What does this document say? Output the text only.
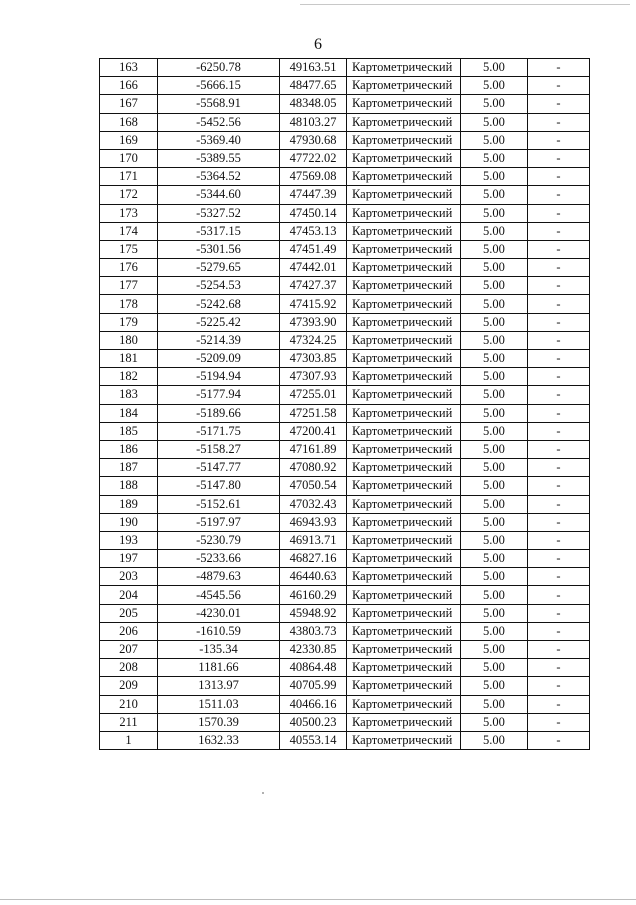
6
163	-6250.78	49163.51	Картометрический	5.00	-
166	-5666.15	48477.65	Картометрический	5.00	-
167	-5568.91	48348.05	Картометрический	5.00	-
168	-5452.56	48103.27	Картометрический	5.00	-
169	-5369.40	47930.68	Картометрический	5.00	-
170	-5389.55	47722.02	Картометрический	5.00	-
171	-5364.52	47569.08	Картометрический	5.00	-
172	-5344.60	47447.39	Картометрический	5.00	-
173	-5327.52	47450.14	Картометрический	5.00	-
174	-5317.15	47453.13	Картометрический	5.00	-
175	-5301.56	47451.49	Картометрический	5.00	-
176	-5279.65	47442.01	Картометрический	5.00	-
177	-5254.53	47427.37	Картометрический	5.00	-
178	-5242.68	47415.92	Картометрический	5.00	-
179	-5225.42	47393.90	Картометрический	5.00	-
180	-5214.39	47324.25	Картометрический	5.00	-
181	-5209.09	47303.85	Картометрический	5.00	-
182	-5194.94	47307.93	Картометрический	5.00	-
183	-5177.94	47255.01	Картометрический	5.00	-
184	-5189.66	47251.58	Картометрический	5.00	-
185	-5171.75	47200.41	Картометрический	5.00	-
186	-5158.27	47161.89	Картометрический	5.00	-
187	-5147.77	47080.92	Картометрический	5.00	-
188	-5147.80	47050.54	Картометрический	5.00	-
189	-5152.61	47032.43	Картометрический	5.00	-
190	-5197.97	46943.93	Картометрический	5.00	-
193	-5230.79	46913.71	Картометрический	5.00	-
197	-5233.66	46827.16	Картометрический	5.00	-
203	-4879.63	46440.63	Картометрический	5.00	-
204	-4545.56	46160.29	Картометрический	5.00	-
205	-4230.01	45948.92	Картометрический	5.00	-
206	-1610.59	43803.73	Картометрический	5.00	-
207	-135.34	42330.85	Картометрический	5.00	-
208	1181.66	40864.48	Картометрический	5.00	-
209	1313.97	40705.99	Картометрический	5.00	-
210	1511.03	40466.16	Картометрический	5.00	-
211	1570.39	40500.23	Картометрический	5.00	-
1	1632.33	40553.14	Картометрический	5.00	-
